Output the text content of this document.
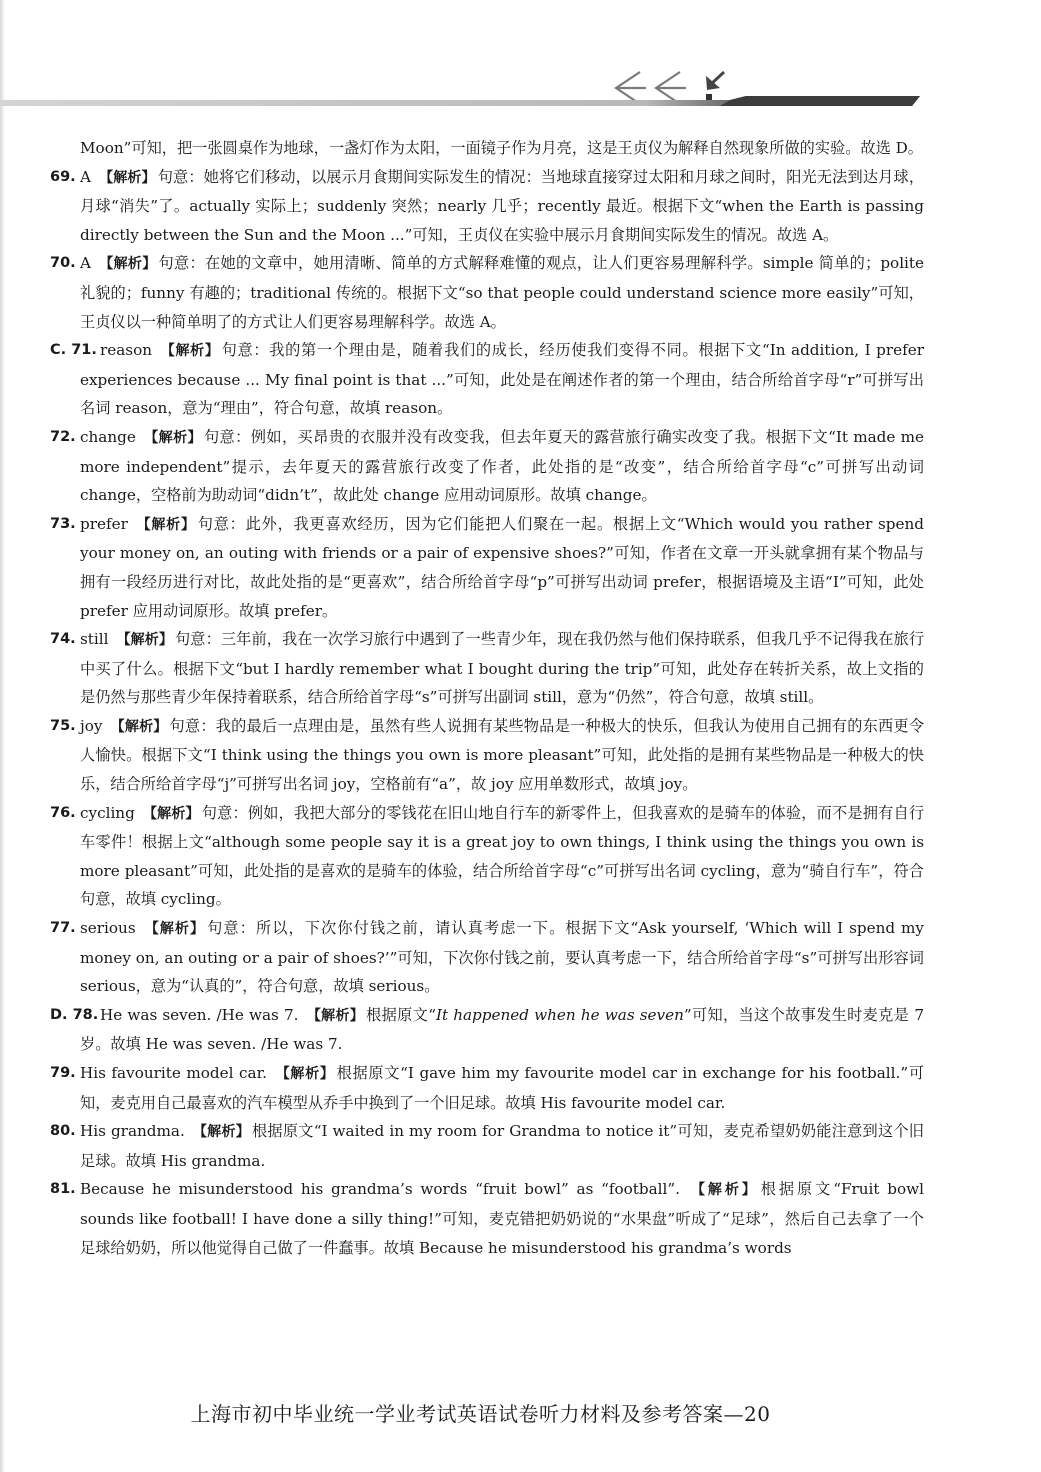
Moon”可知，把一张圆桌作为地球，一盏灯作为太阳，一面镜子作为月亮，这是王贞仪为解释自然现象所做的实验。故选 D。
69. A 【解析】 句意：她将它们移动，以展示月食期间实际发生的情况：当地球直接穿过太阳和月球之间时，阳光无法到达月球，月球“消失”了。actually 实际上；suddenly 突然；nearly 几乎；recently 最近。根据下文“when the Earth is passing directly between the Sun and the Moon ...”可知，王贞仪在实验中展示月食期间实际发生的情况。故选 A。
70. A 【解析】 句意：在她的文章中，她用清晰、简单的方式解释难懂的观点，让人们更容易理解科学。simple 简单的；polite 礼貌的；funny 有趣的；traditional 传统的。根据下文“so that people could understand science more easily”可知，王贞仪以一种简单明了的方式让人们更容易理解科学。故选 A。
C. 71. reason 【解析】 句意：我的第一个理由是，随着我们的成长，经历使我们变得不同。根据下文“In addition, I prefer experiences because ... My final point is that ...”可知，此处是在阐述作者的第一个理由，结合所给首字母“r”可拼写出名词 reason，意为“理由”，符合句意，故填 reason。
72. change 【解析】 句意：例如，买昂贵的衣服并没有改变我，但去年夏天的露营旅行确实改变了我。根据下文“It made me more independent”提示，去年夏天的露营旅行改变了作者，此处指的是“改变”，结合所给首字母“c”可拼写出动词 change，空格前为助动词“didn’t”，故此处 change 应用动词原形。故填 change。
73. prefer 【解析】 句意：此外，我更喜欢经历，因为它们能把人们聚在一起。根据上文“Which would you rather spend your money on, an outing with friends or a pair of expensive shoes?”可知，作者在文章一开头就拿拥有某个物品与拥有一段经历进行对比，故此处指的是“更喜欢”，结合所给首字母“p”可拼写出动词 prefer，根据语境及主语“I”可知，此处 prefer 应用动词原形。故填 prefer。
74. still 【解析】 句意：三年前，我在一次学习旅行中遇到了一些青少年，现在我仍然与他们保持联系，但我几乎不记得我在旅行中买了什么。根据下文“but I hardly remember what I bought during the trip”可知，此处存在转折关系，故上文指的是仍然与那些青少年保持着联系，结合所给首字母“s”可拼写出副词 still，意为“仍然”，符合句意，故填 still。
75. joy 【解析】 句意：我的最后一点理由是，虽然有些人说拥有某些物品是一种极大的快乐，但我认为使用自己拥有的东西更令人愉快。根据下文“I think using the things you own is more pleasant”可知，此处指的是拥有某些物品是一种极大的快乐，结合所给首字母“j”可拼写出名词 joy，空格前有“a”，故 joy 应用单数形式，故填 joy。
76. cycling 【解析】 句意：例如，我把大部分的零钱花在旧山地自行车的新零件上，但我喜欢的是骑车的体验，而不是拥有自行车零件！根据上文“although some people say it is a great joy to own things, I think using the things you own is more pleasant”可知，此处指的是喜欢的是骑车的体验，结合所给首字母“c”可拼写出名词 cycling，意为“骑自行车”，符合句意，故填 cycling。
77. serious 【解析】 句意：所以，下次你付钱之前，请认真考虑一下。根据下文“Ask yourself, ‘Which will I spend my money on, an outing or a pair of shoes?’”可知，下次你付钱之前，要认真考虑一下，结合所给首字母“s”可拼写出形容词 serious，意为“认真的”，符合句意，故填 serious。
D. 78. He was seven. /He was 7. 【解析】 根据原文“It happened when he was seven”可知，当这个故事发生时麦克是 7 岁。故填 He was seven. /He was 7.
79. His favourite model car. 【解析】 根据原文“I gave him my favourite model car in exchange for his football.”可知，麦克用自己最喜欢的汽车模型从乔手中换到了一个旧足球。故填 His favourite model car.
80. His grandma. 【解析】 根据原文“I waited in my room for Grandma to notice it”可知，麦克希望奶奶能注意到这个旧足球。故填 His grandma.
81. Because he misunderstood his grandma’s words “fruit bowl” as “football”. 【解析】 根据原文“Fruit bowl sounds like football! I have done a silly thing!”可知，麦克错把奶奶说的“水果盘”听成了“足球”，然后自己去拿了一个足球给奶奶，所以他觉得自己做了一件蠢事。故填 Because he misunderstood his grandma’s words
上海市初中毕业统一学业考试英语试卷听力材料及参考答案—20
